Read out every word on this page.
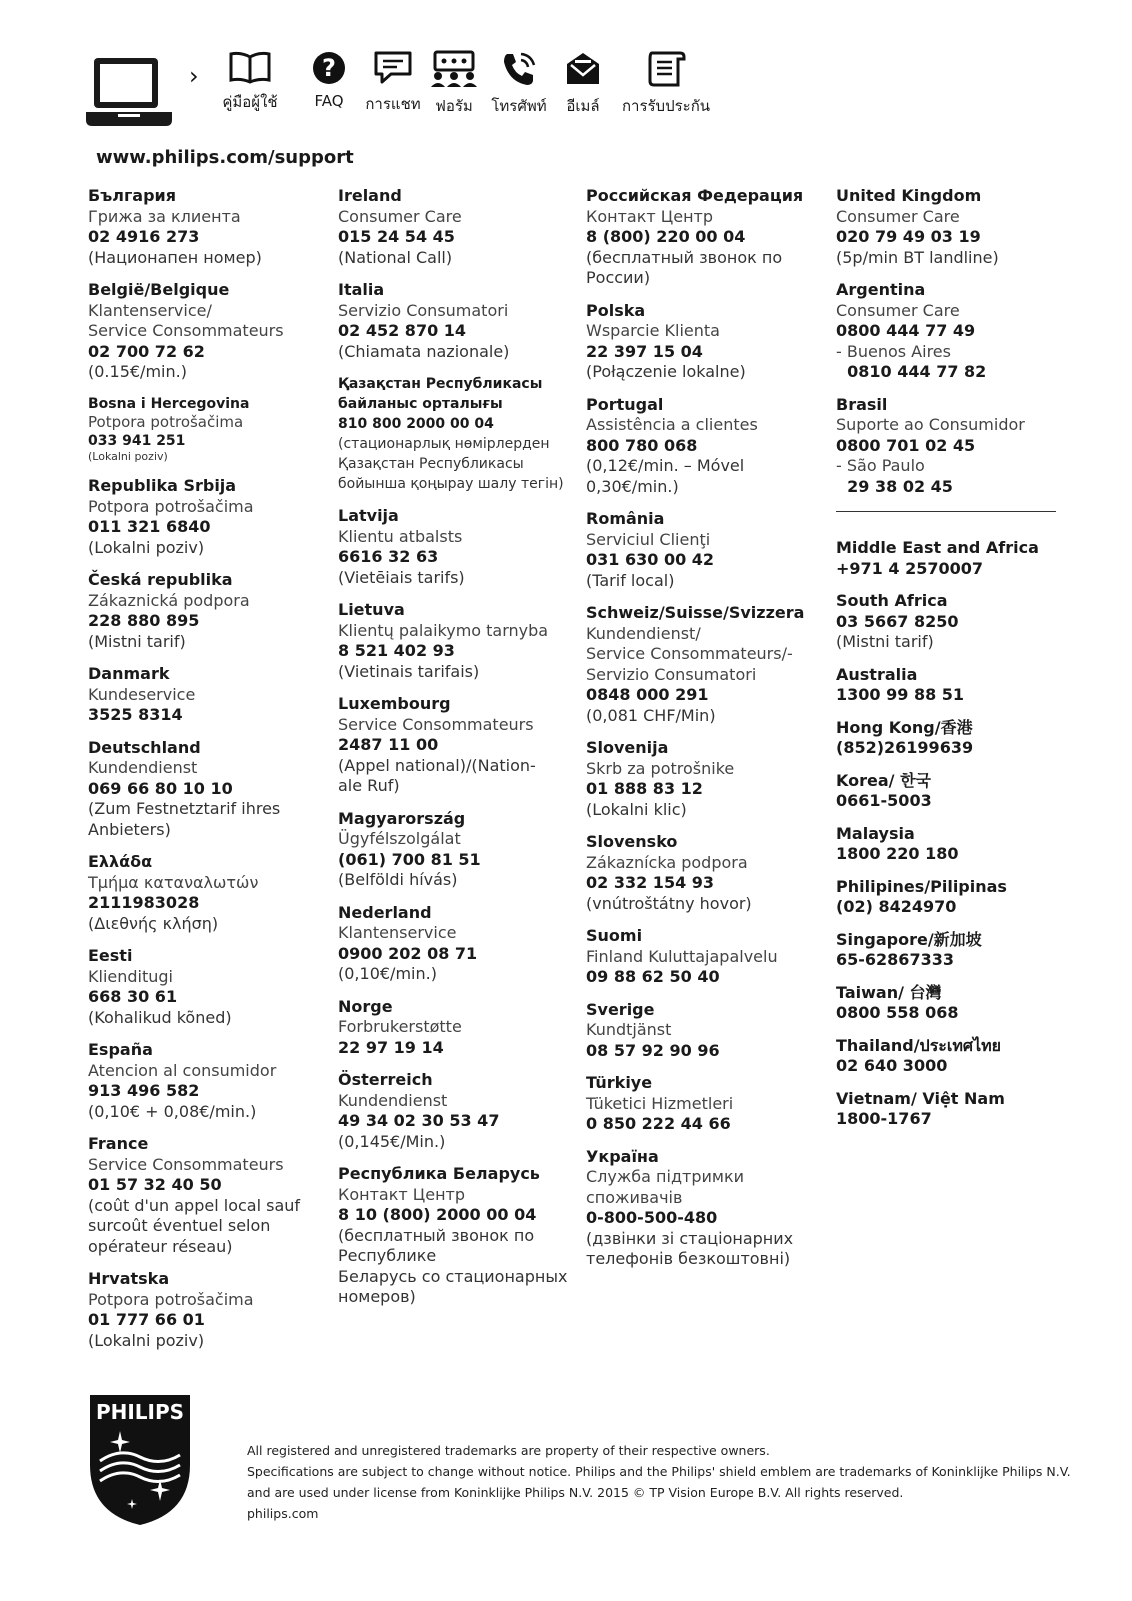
›
คู่มือผู้ใช้
?
FAQ	การแชท ฟอรัม	โทรศัพท์	อีเมล์	การรับประกัน
www.philips.com/support
България
Грижа за клиента
02 4916 273
(Национапен номер)
België/Belgique
Klantenservice/
Service Consommateurs
02 700 72 62
(0.15€/min.)
Bosna i Hercegovina
Potpora potrošačima
033 941 251
(Lokalni poziv)
Republika Srbija
Potpora potrošačima
011 321 6840
(Lokalni poziv)
Česká republika
Zákaznická podpora
228 880 895
(Mistni tarif)
Danmark
Kundeservice
3525 8314
Deutschland
Kundendienst
069 66 80 10 10
(Zum Festnetztarif ihres
Anbieters)
Ελλάδα
Τμήμα καταναλωτών
2111983028
(Διεθνής κλήση)
Eesti
Klienditugi
668 30 61
(Kohalikud kõned)
España
Atencion al consumidor
913 496 582
(0,10€ + 0,08€/min.)
France
Service Consommateurs
01 57 32 40 50
(coût d'un appel local sauf
surcoût éventuel selon
opérateur réseau)
Hrvatska
Potpora potrošačima
01 777 66 01
(Lokalni poziv)
Ireland
Consumer Care
015 24 54 45
(National Call)
Italia
Servizio Consumatori
02 452 870 14
(Chiamata nazionale)
Қазақстан Республикасы
байланыс орталығы
810 800 2000 00 04
(стационарлық нөмірлерден
Қазақстан Республикасы
бойынша қоңырау шалу тегін)
Latvija
Klientu atbalsts
6616 32 63
(Vietēiais tarifs)
Lietuva
Klientų palaikymo tarnyba
8 521 402 93
(Vietinais tarifais)
Luxembourg
Service Consommateurs
2487 11 00
(Appel national)/(Nation-
ale Ruf)
Magyarország
Ügyfélszolgálat
(061) 700 81 51
(Belföldi hívás)
Nederland
Klantenservice
0900 202 08 71
(0,10€/min.)
Norge
Forbrukerstøtte
22 97 19 14
Österreich
Kundendienst
49 34 02 30 53 47
(0,145€/Min.)
Республика Беларусь
Контакт Центр
8 10 (800) 2000 00 04
(бесплатный звонок по
Республике
Беларусь со стационарных
номеров)
Российская Федерация
Контакт Центр
8 (800) 220 00 04
(бесплатный звонок по
России)
Polska
Wsparcie Klienta
22 397 15 04
(Połączenie lokalne)
Portugal
Assistência a clientes
800 780 068
(0,12€/min. – Móvel
0,30€/min.)
România
Serviciul Clienţi
031 630 00 42
(Tarif local)
Schweiz/Suisse/Svizzera
Kundendienst/
Service Consommateurs/-
Servizio Consumatori
0848 000 291
(0,081 CHF/Min)
Slovenija
Skrb za potrošnike
01 888 83 12
(Lokalni klic)
Slovensko
Zákaznícka podpora
02 332 154 93
(vnútroštátny hovor)
Suomi
Finland Kuluttajapalvelu
09 88 62 50 40
Sverige
Kundtjänst
08 57 92 90 96
Türkiye
Tüketici Hizmetleri
0 850 222 44 66
Україна
Служба підтримки
споживачів
0-800-500-480
(дзвінки зі стаціонарних
телефонів безкоштовні)
United Kingdom
Consumer Care
020 79 49 03 19
(5p/min BT landline)
Argentina
Consumer Care
0800 444 77 49
- Buenos Aires
0810 444 77 82
Brasil
Suporte ao Consumidor
0800 701 02 45
- São Paulo
29 38 02 45
Middle East and Africa
+971 4 2570007
South Africa
03 5667 8250
(Mistni tarif)
Australia
1300 99 88 51
Hong Kong/香港
(852)26199639
Korea/ 한국
0661-5003
Malaysia
1800 220 180
Philipines/Pilipinas
(02) 8424970
Singapore/新加坡
65-62867333
Taiwan/ 台灣
0800 558 068
Thailand/ประเทศไทย
02 640 3000
Vietnam/ Việt Nam
1800-1767
PHILIPS
All registered and unregistered trademarks are property of their respective owners.
Specifications are subject to change without notice. Philips and the Philips' shield emblem are trademarks of Koninklijke Philips N.V.
and are used under license from Koninklijke Philips N.V. 2015 © TP Vision Europe B.V. All rights reserved.
philips.com
